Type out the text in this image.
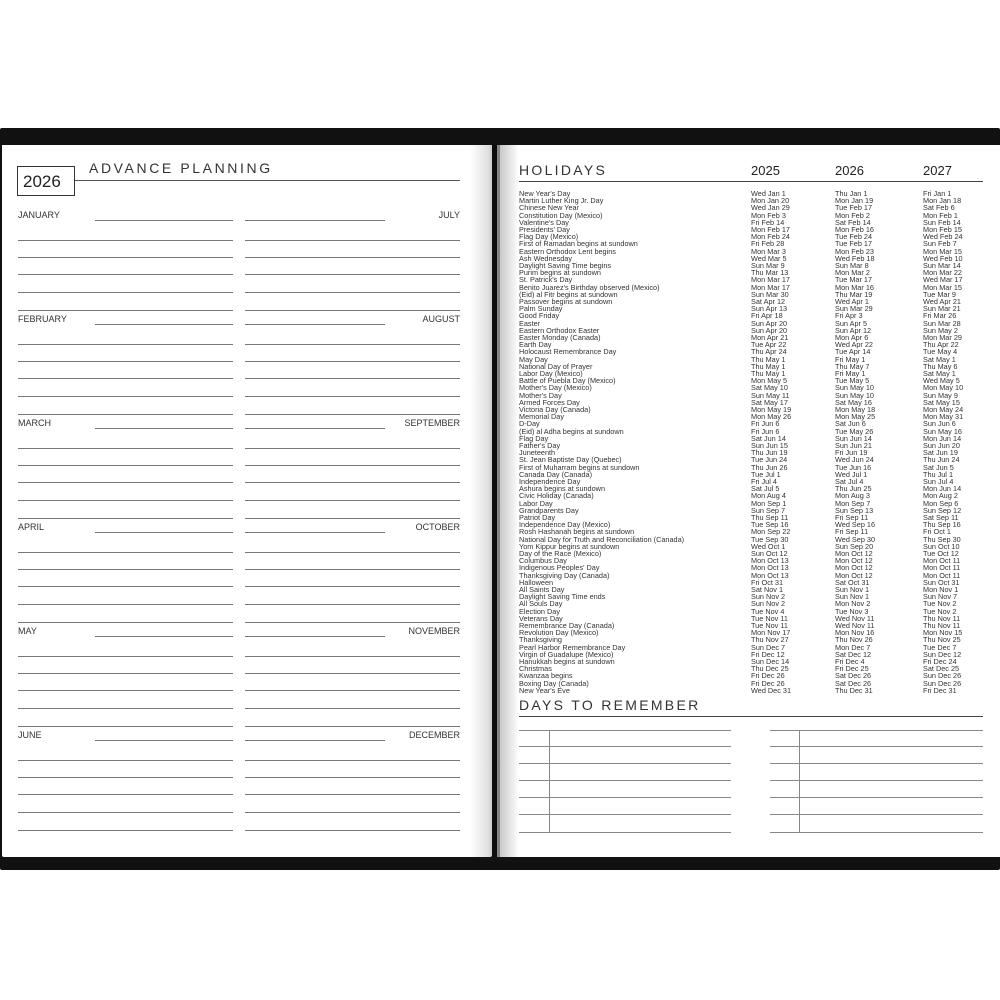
2026
ADVANCE PLANNING
JANUARY	JULY
FEBRUARY	AUGUST
MARCH	SEPTEMBER
APRIL	OCTOBER
MAY	NOVEMBER
JUNE	DECEMBER
HOLIDAYS	2025	2026	2027
New Year's Day	Wed Jan 1	Thu Jan 1	Fri Jan 1
Martin Luther King Jr. Day	Mon Jan 20	Mon Jan 19	Mon Jan 18
Chinese New Year	Wed Jan 29	Tue Feb 17	Sat Feb 6
Constitution Day (Mexico)	Mon Feb 3	Mon Feb 2	Mon Feb 1
Valentine's Day	Fri Feb 14	Sat Feb 14	Sun Feb 14
Presidents' Day	Mon Feb 17	Mon Feb 16	Mon Feb 15
Flag Day (Mexico)	Mon Feb 24	Tue Feb 24	Wed Feb 24
First of Ramadan begins at sundown	Fri Feb 28	Tue Feb 17	Sun Feb 7
Eastern Orthodox Lent begins	Mon Mar 3	Mon Feb 23	Mon Mar 15
Ash Wednesday	Wed Mar 5	Wed Feb 18	Wed Feb 10
Daylight Saving Time begins	Sun Mar 9	Sun Mar 8	Sun Mar 14
Purim begins at sundown	Thu Mar 13	Mon Mar 2	Mon Mar 22
St. Patrick's Day	Mon Mar 17	Tue Mar 17	Wed Mar 17
Benito Juarez's Birthday observed (Mexico)	Mon Mar 17	Mon Mar 16	Mon Mar 15
(Eid) al Fitr begins at sundown	Sun Mar 30	Thu Mar 19	Tue Mar 9
Passover begins at sundown	Sat Apr 12	Wed Apr 1	Wed Apr 21
Palm Sunday	Sun Apr 13	Sun Mar 29	Sun Mar 21
Good Friday	Fri Apr 18	Fri Apr 3	Fri Mar 26
Easter	Sun Apr 20	Sun Apr 5	Sun Mar 28
Eastern Orthodox Easter	Sun Apr 20	Sun Apr 12	Sun May 2
Easter Monday (Canada)	Mon Apr 21	Mon Apr 6	Mon Mar 29
Earth Day	Tue Apr 22	Wed Apr 22	Thu Apr 22
Holocaust Remembrance Day	Thu Apr 24	Tue Apr 14	Tue May 4
May Day	Thu May 1	Fri May 1	Sat May 1
National Day of Prayer	Thu May 1	Thu May 7	Thu May 6
Labor Day (Mexico)	Thu May 1	Fri May 1	Sat May 1
Battle of Puebla Day (Mexico)	Mon May 5	Tue May 5	Wed May 5
Mother's Day (Mexico)	Sat May 10	Sun May 10	Mon May 10
Mother's Day	Sun May 11	Sun May 10	Sun May 9
Armed Forces Day	Sat May 17	Sat May 16	Sat May 15
Victoria Day (Canada)	Mon May 19	Mon May 18	Mon May 24
Memorial Day	Mon May 26	Mon May 25	Mon May 31
D-Day	Fri Jun 6	Sat Jun 6	Sun Jun 6
(Eid) al Adha begins at sundown	Fri Jun 6	Tue May 26	Sun May 16
Flag Day	Sat Jun 14	Sun Jun 14	Mon Jun 14
Father's Day	Sun Jun 15	Sun Jun 21	Sun Jun 20
Juneteenth	Thu Jun 19	Fri Jun 19	Sat Jun 19
St. Jean Baptiste Day (Quebec)	Tue Jun 24	Wed Jun 24	Thu Jun 24
First of Muharram begins at sundown	Thu Jun 26	Tue Jun 16	Sat Jun 5
Canada Day (Canada)	Tue Jul 1	Wed Jul 1	Thu Jul 1
Independence Day	Fri Jul 4	Sat Jul 4	Sun Jul 4
Ashura begins at sundown	Sat Jul 5	Thu Jun 25	Mon Jun 14
Civic Holiday (Canada)	Mon Aug 4	Mon Aug 3	Mon Aug 2
Labor Day	Mon Sep 1	Mon Sep 7	Mon Sep 6
Grandparents Day	Sun Sep 7	Sun Sep 13	Sun Sep 12
Patriot Day	Thu Sep 11	Fri Sep 11	Sat Sep 11
Independence Day (Mexico)	Tue Sep 16	Wed Sep 16	Thu Sep 16
Rosh Hashanah begins at sundown	Mon Sep 22	Fri Sep 11	Fri Oct 1
National Day for Truth and Reconciliation (Canada)	Tue Sep 30	Wed Sep 30	Thu Sep 30
Yom Kippur begins at sundown	Wed Oct 1	Sun Sep 20	Sun Oct 10
Day of the Race (Mexico)	Sun Oct 12	Mon Oct 12	Tue Oct 12
Columbus Day	Mon Oct 13	Mon Oct 12	Mon Oct 11
Indigenous Peoples' Day	Mon Oct 13	Mon Oct 12	Mon Oct 11
Thanksgiving Day (Canada)	Mon Oct 13	Mon Oct 12	Mon Oct 11
Halloween	Fri Oct 31	Sat Oct 31	Sun Oct 31
All Saints Day	Sat Nov 1	Sun Nov 1	Mon Nov 1
Daylight Saving Time ends	Sun Nov 2	Sun Nov 1	Sun Nov 7
All Souls Day	Sun Nov 2	Mon Nov 2	Tue Nov 2
Election Day	Tue Nov 4	Tue Nov 3	Tue Nov 2
Veterans Day	Tue Nov 11	Wed Nov 11	Thu Nov 11
Remembrance Day (Canada)	Tue Nov 11	Wed Nov 11	Thu Nov 11
Revolution Day (Mexico)	Mon Nov 17	Mon Nov 16	Mon Nov 15
Thanksgiving	Thu Nov 27	Thu Nov 26	Thu Nov 25
Pearl Harbor Remembrance Day	Sun Dec 7	Mon Dec 7	Tue Dec 7
Virgin of Guadalupe (Mexico)	Fri Dec 12	Sat Dec 12	Sun Dec 12
Hanukkah begins at sundown	Sun Dec 14	Fri Dec 4	Fri Dec 24
Christmas	Thu Dec 25	Fri Dec 25	Sat Dec 25
Kwanzaa begins	Fri Dec 26	Sat Dec 26	Sun Dec 26
Boxing Day (Canada)	Fri Dec 26	Sat Dec 26	Sun Dec 26
New Year's Eve	Wed Dec 31	Thu Dec 31	Fri Dec 31
DAYS TO REMEMBER
